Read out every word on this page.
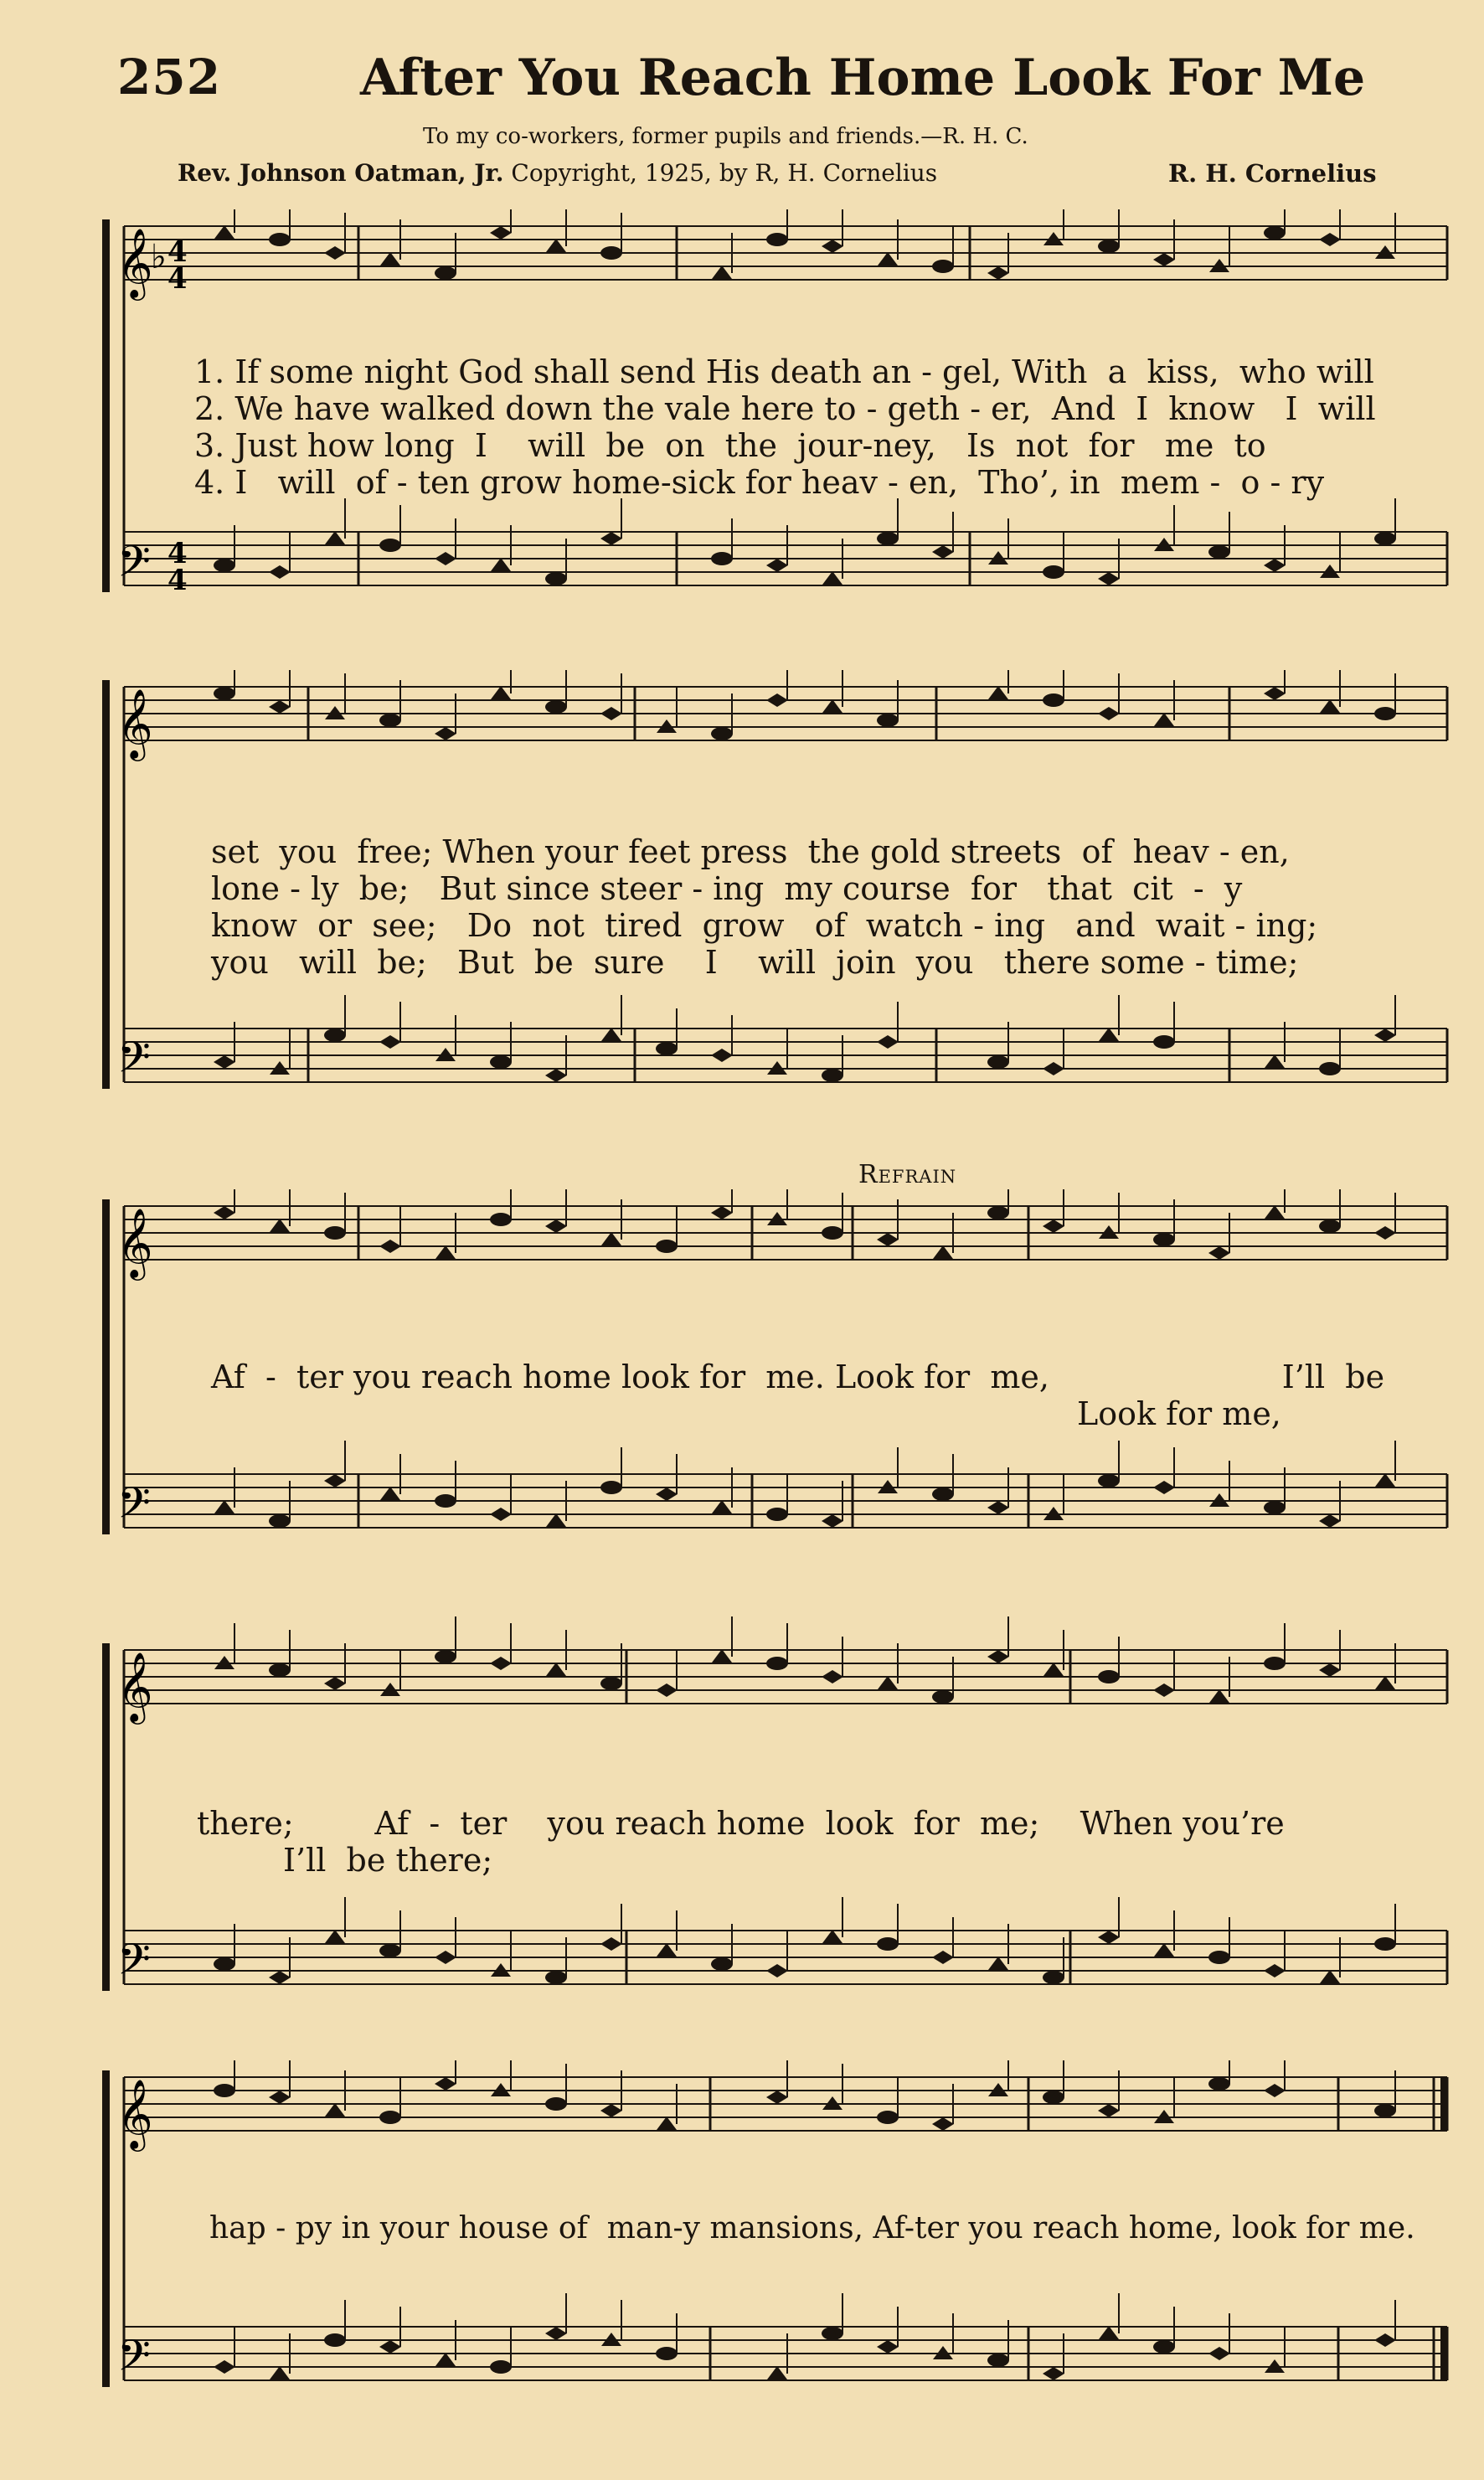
252	After You Reach Home Look For Me
To my co-workers, former pupils and friends.—R. H. C.
Rev. Johnson Oatman, Jr. Copyright, 1925, by R, H. Cornelius	R. H. Cornelius
𝄞
𝄢
4
4
4
4
♭
1. If some night God shall send His death an - gel, With  a  kiss,  who will
2. We have walked down the vale here to - geth - er,  And  I  know   I  will
3. Just how long  I    will  be  on  the  jour-ney,   Is  not  for   me  to
4. I   will  of - ten grow home-sick for heav - en,  Tho’, in  mem -  o - ry
𝄞
𝄢
set  you  free; When your feet press  the gold streets  of  heav - en,
lone - ly  be;   But since steer - ing  my course  for   that  cit  -  y
know  or  see;   Do  not  tired  grow   of  watch - ing   and  wait - ing;
you   will  be;   But  be  sure    I    will  join  you   there some - time;
Refrain
𝄞
𝄢
Af  -  ter you reach home look for  me. Look for  me,                       I’ll  be
Look for me,
𝄞
𝄢
there;        Af  -  ter    you reach home  look  for  me;    When you’re
I’ll  be there;
𝄞
𝄢
hap - py in your house of  man-y mansions, Af-ter you reach home, look for me.
